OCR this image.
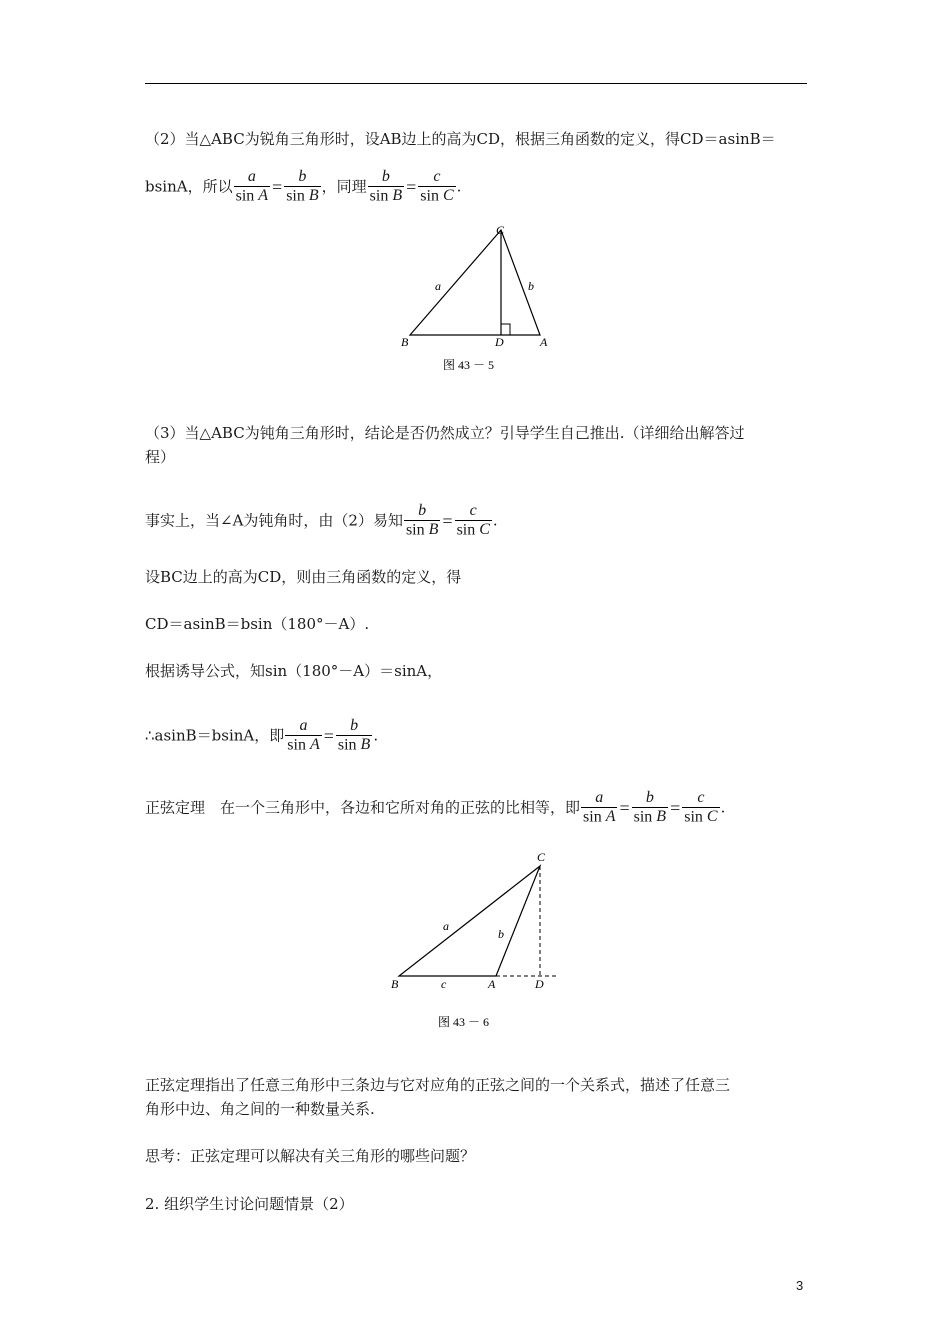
（2）当△ABC为锐角三角形时，设AB边上的高为CD，根据三角函数的定义，得CD＝asinB＝
bsinA，所以 $\frac{a}{\text{sin A}} = \frac{b}{\text{sin B}}$ ，同理 $\frac{b}{\text{sin B}} = \frac{c}{\text{sin C}}$ .
C
B	D	A
a	b
图 43 － 5
（3）当△ABC为钝角三角形时，结论是否仍然成立？引导学生自己推出.（详细给出解答过
程）
事实上，当∠A为钝角时，由（2）易知 $\frac{b}{\text{sin B}} = \frac{c}{\text{sin C}}$ .
设BC边上的高为CD，则由三角函数的定义，得
CD＝asinB＝bsin（180°－A）.
根据诱导公式，知sin（180°－A）＝sinA，
∴asinB＝bsinA，即 $\frac{a}{\text{sin A}} = \frac{b}{\text{sin B}}$ .
正弦定理　在一个三角形中，各边和它所对角的正弦的比相等，即 $\frac{a}{\text{sin A}} = \frac{b}{\text{sin B}} = \frac{c}{\text{sin C}}$ .
C
B	A	D
a
b
c
图 43 － 6
正弦定理指出了任意三角形中三条边与它对应角的正弦之间的一个关系式，描述了任意三
角形中边、角之间的一种数量关系.
思考：正弦定理可以解决有关三角形的哪些问题？
2. 组织学生讨论问题情景（2）
3
